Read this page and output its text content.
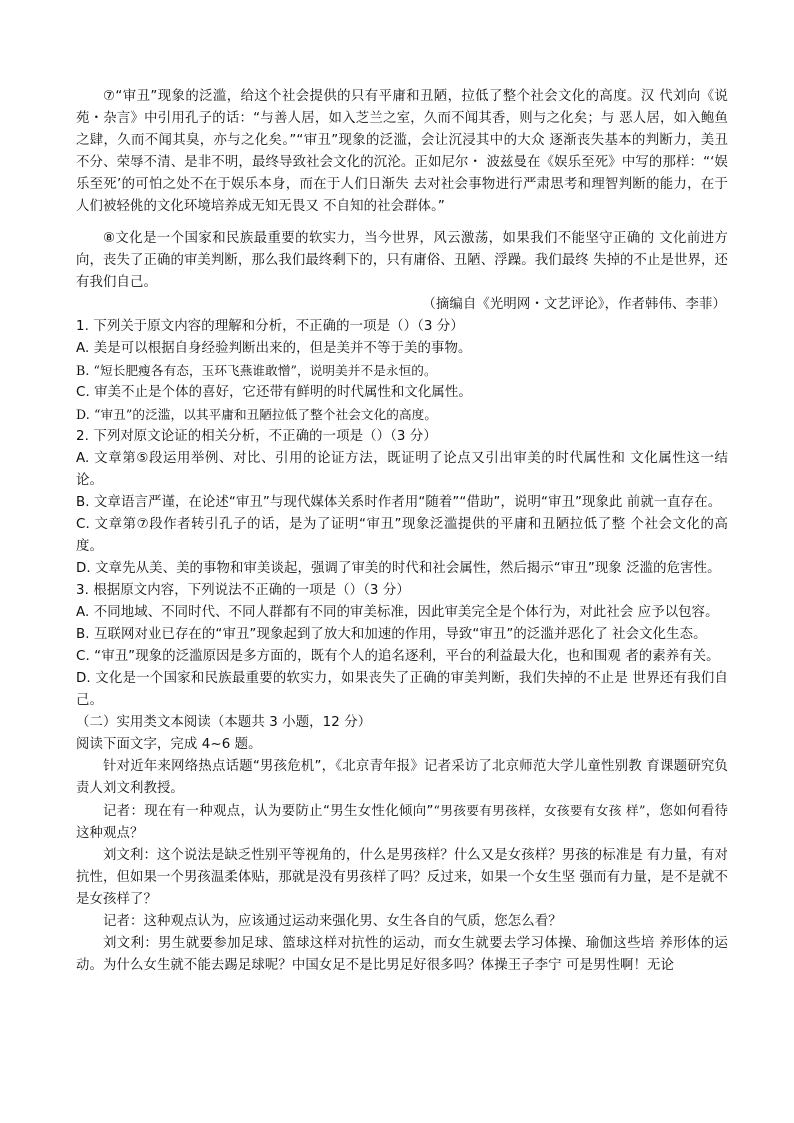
⑦“审丑”现象的泛滥，给这个社会提供的只有平庸和丑陋，拉低了整个社会文化的高度。汉 代刘向《说苑・杂言》中引用孔子的话：“与善人居，如入芝兰之室，久而不闻其香，则与之化矣；与 恶人居，如入鲍鱼之肆，久而不闻其臭，亦与之化矣。”“审丑”现象的泛滥，会让沉浸其中的大众 逐渐丧失基本的判断力，美丑不分、荣辱不清、是非不明，最终导致社会文化的沉沦。正如尼尔・ 波兹曼在《娱乐至死》中写的那样：“‘娱乐至死’的可怕之处不在于娱乐本身，而在于人们日渐失 去对社会事物进行严肃思考和理智判断的能力，在于人们被轻佻的文化环境培养成无知无畏又 不自知的社会群体。”

⑧文化是一个国家和民族最重要的软实力，当今世界，风云激荡，如果我们不能坚守正确的 文化前进方向，丧失了正确的审美判断，那么我们最终剩下的，只有庸俗、丑陋、浮躁。我们最终 失掉的不止是世界，还有我们自己。

（摘编自《光明网・文艺评论》，作者韩伟、李菲）

1. 下列关于原文内容的理解和分析，不正确的一项是（）（3 分）

A. 美是可以根据自身经验判断出来的，但是美并不等于美的事物。

B. “短长肥瘦各有态，玉环飞燕谁敢憎”，说明美并不是永恒的。

C. 审美不止是个体的喜好，它还带有鲜明的时代属性和文化属性。

D. “审丑”的泛滥，以其平庸和丑陋拉低了整个社会文化的高度。

2. 下列对原文论证的相关分析，不正确的一项是（）（3 分）

A. 文章第⑤段运用举例、对比、引用的论证方法，既证明了论点又引出审美的时代属性和 文化属性这一结论。

B. 文章语言严谨，在论述“审丑”与现代媒体关系时作者用“随着”“借助”，说明“审丑”现象此 前就一直存在。

C. 文章第⑦段作者转引孔子的话，是为了证明“审丑”现象泛滥提供的平庸和丑陋拉低了整 个社会文化的高度。

D. 文章先从美、美的事物和审美谈起，强调了审美的时代和社会属性，然后揭示“审丑”现象 泛滥的危害性。

3. 根据原文内容，下列说法不正确的一项是（）（3 分）

A. 不同地域、不同时代、不同人群都有不同的审美标准，因此审美完全是个体行为，对此社会 应予以包容。

B. 互联网对业已存在的“审丑”现象起到了放大和加速的作用，导致“审丑”的泛滥并恶化了 社会文化生态。

C. “审丑”现象的泛滥原因是多方面的，既有个人的追名逐利，平台的利益最大化，也和围观 者的素养有关。

D. 文化是一个国家和民族最重要的软实力，如果丧失了正确的审美判断，我们失掉的不止是 世界还有我们自己。

（二）实用类文本阅读（本题共 3 小题，12 分）

阅读下面文字，完成 4~6 题。

针对近年来网络热点话题“男孩危机”，《北京青年报》记者采访了北京师范大学儿童性别教 育课题研究负责人刘文利教授。

记者：现在有一种观点，认为要防止“男生女性化倾向”“男孩要有男孩样，女孩要有女孩 样”，您如何看待这种观点？

刘文利：这个说法是缺乏性别平等视角的，什么是男孩样？什么又是女孩样？男孩的标准是 有力量，有对抗性，但如果一个男孩温柔体贴，那就是没有男孩样了吗？反过来，如果一个女生坚 强而有力量，是不是就不是女孩样了？

记者：这种观点认为，应该通过运动来强化男、女生各自的气质，您怎么看？

刘文利：男生就要参加足球、篮球这样对抗性的运动，而女生就要去学习体操、瑜伽这些培 养形体的运动。为什么女生就不能去踢足球呢？中国女足不是比男足好很多吗？体操王子李宁 可是男性啊！无论
